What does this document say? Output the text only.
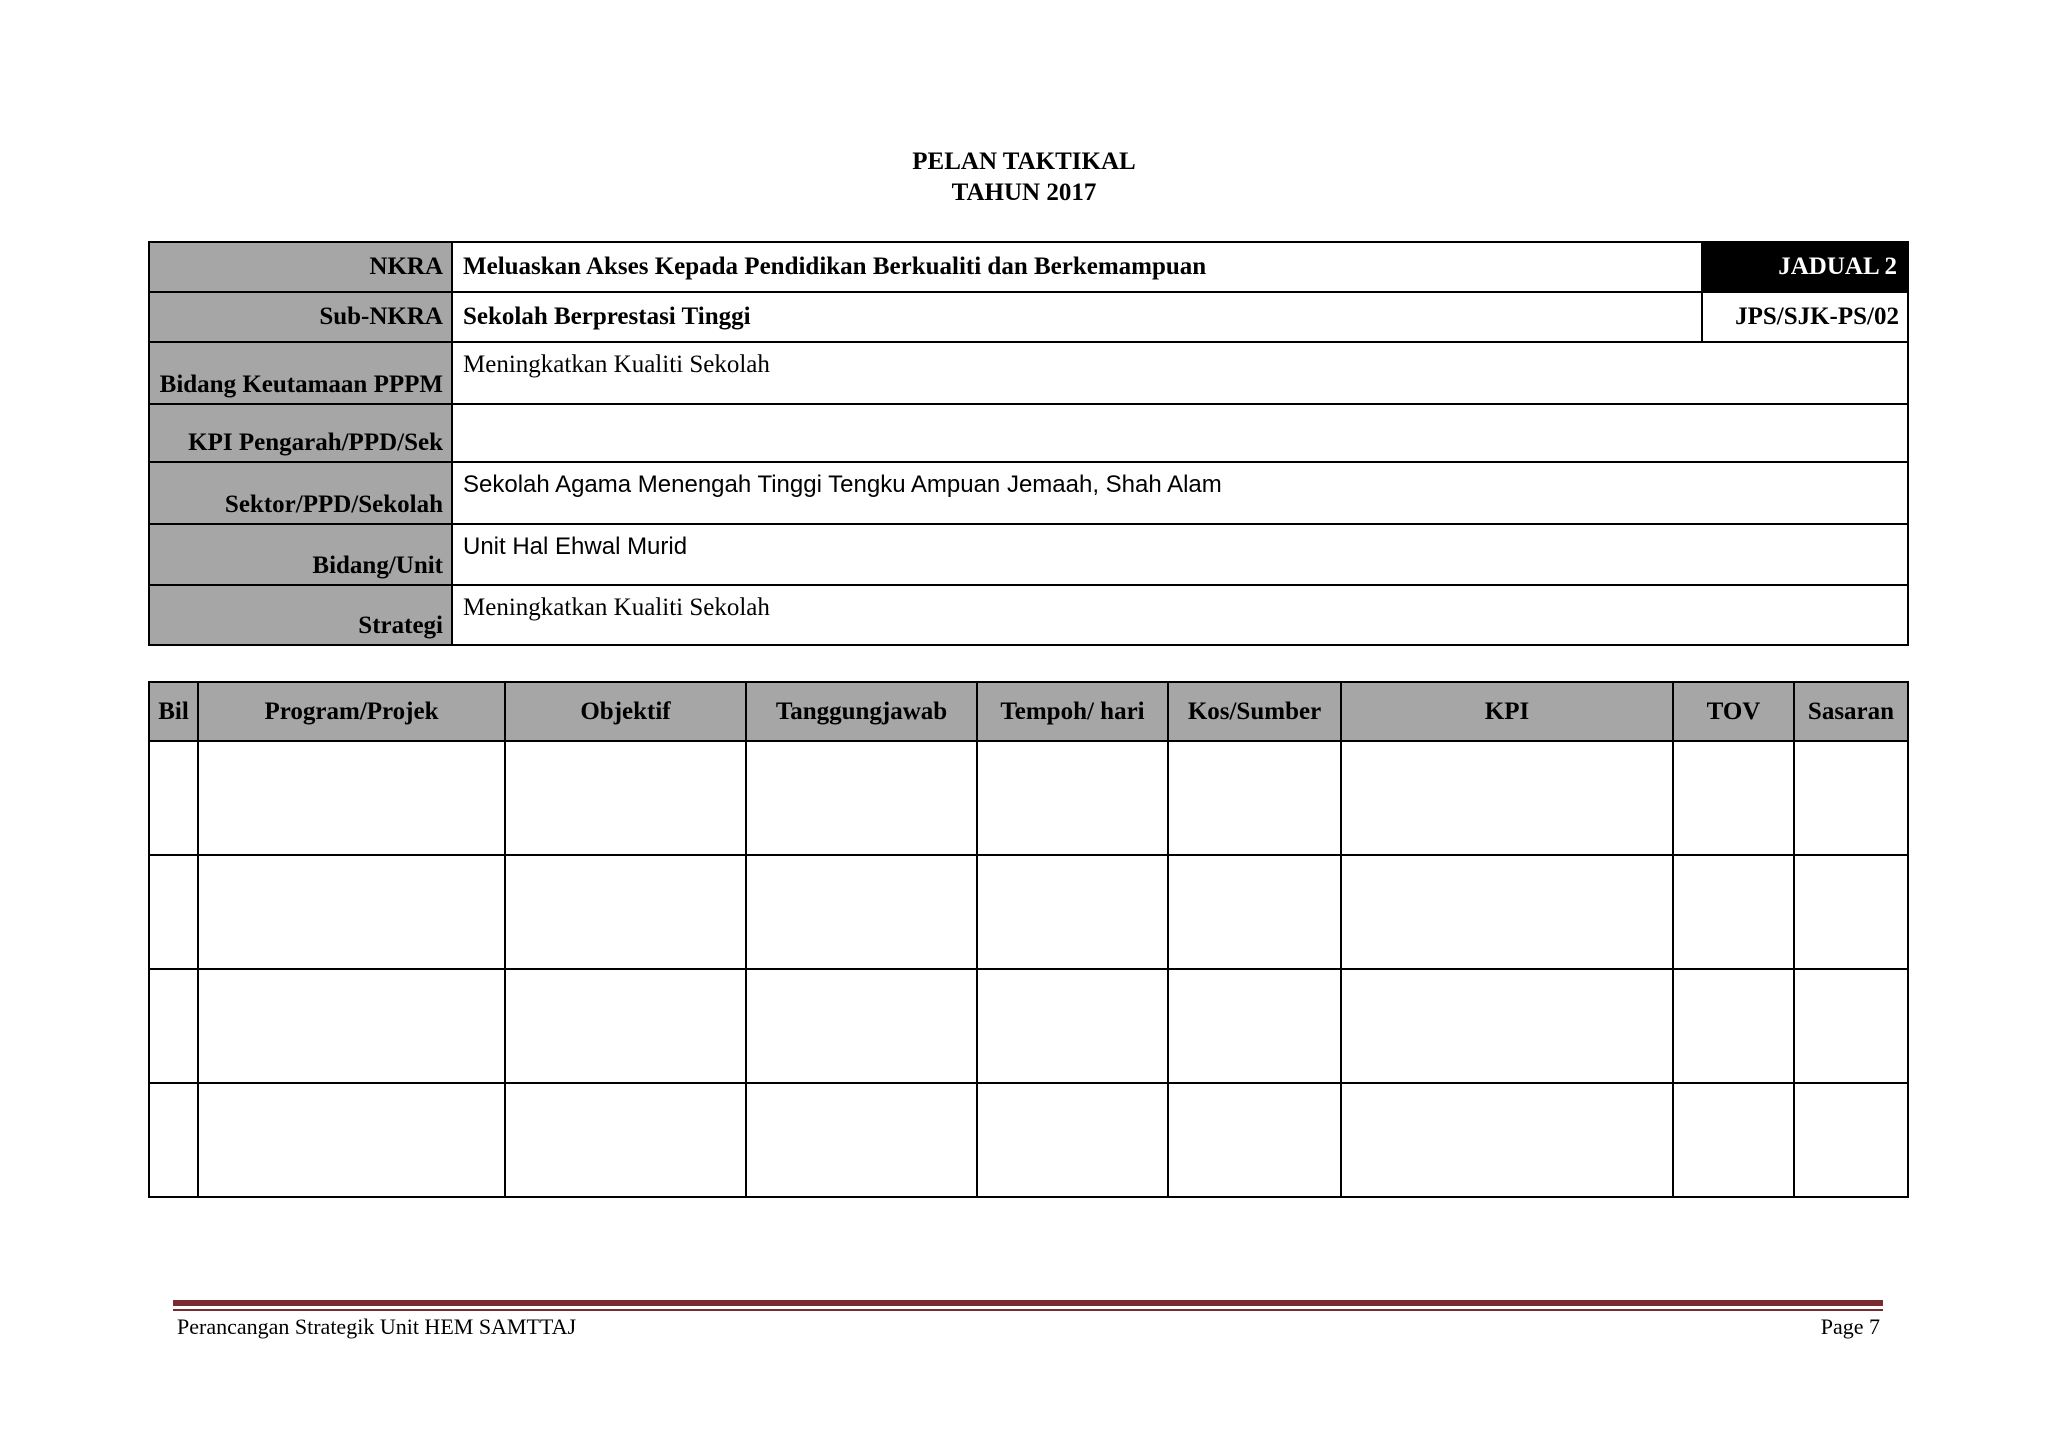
PELAN TAKTIKAL
TAHUN 2017
NKRA	Meluaskan Akses Kepada Pendidikan Berkualiti dan Berkemampuan	JADUAL 2
Sub-NKRA	Sekolah Berprestasi Tinggi	JPS/SJK-PS/02
Bidang Keutamaan PPPM	Meningkatkan Kualiti Sekolah	
KPI Pengarah/PPD/Sek		
Sektor/PPD/Sekolah	Sekolah Agama Menengah Tinggi Tengku Ampuan Jemaah, Shah Alam	
Bidang/Unit	Unit Hal Ehwal Murid	
Strategi	Meningkatkan Kualiti Sekolah	
Bil	Program/Projek	Objektif	Tanggungjawab	Tempoh/ hari	Kos/Sumber	KPI	TOV	Sasaran

Perancangan Strategik Unit HEM SAMTTAJ	Page 7
